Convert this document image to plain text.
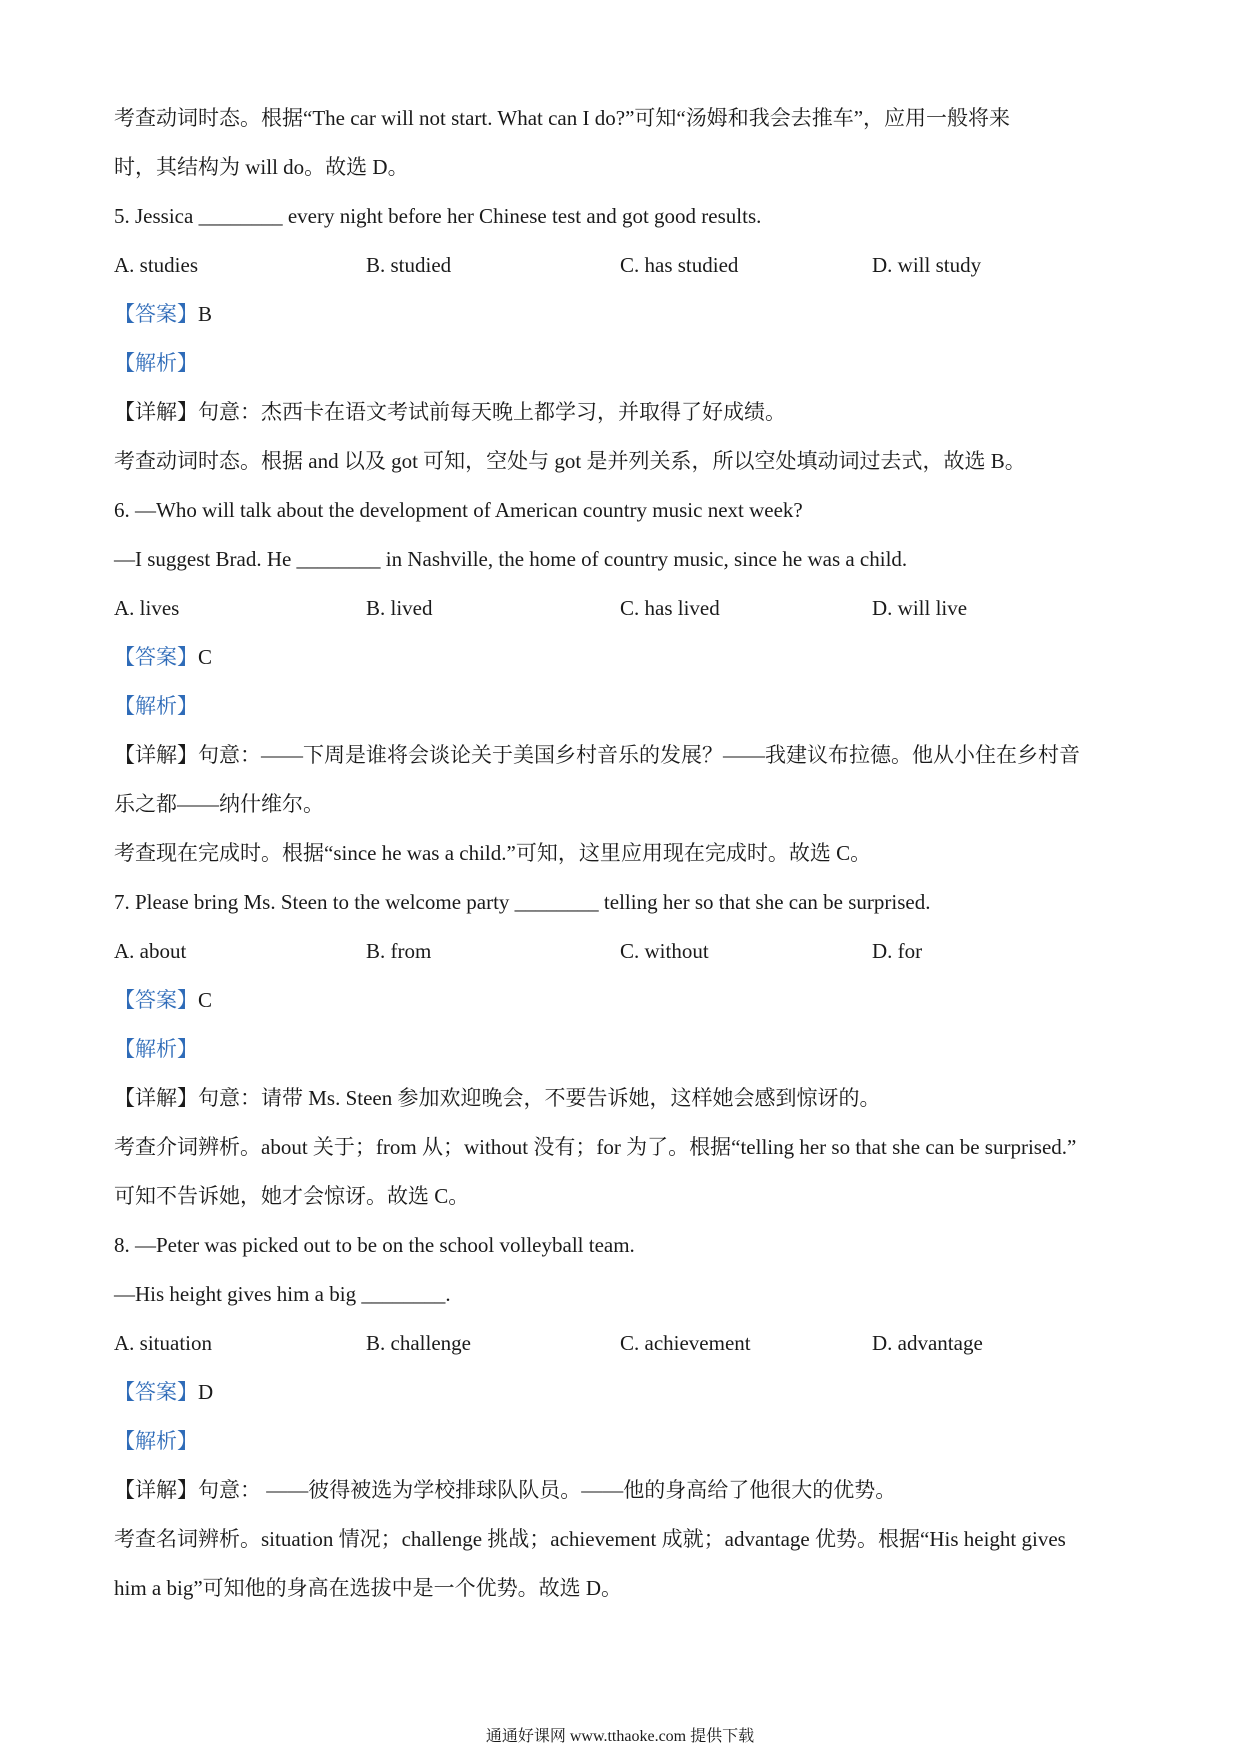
考查动词时态。根据“The car will not start. What can I do?”可知“汤姆和我会去推车”，应用一般将来
时，其结构为 will do。故选 D。
5. Jessica ________ every night before her Chinese test and got good results.
A. studies	B. studied	C. has studied	D. will study
【答案】B
【解析】
【详解】句意：杰西卡在语文考试前每天晚上都学习，并取得了好成绩。
考查动词时态。根据 and 以及 got 可知，空处与 got 是并列关系，所以空处填动词过去式，故选 B。
6. —Who will talk about the development of American country music next week?
—I suggest Brad. He ________ in Nashville, the home of country music, since he was a child.
A. lives	B. lived	C. has lived	D. will live
【答案】C
【解析】
【详解】句意：——下周是谁将会谈论关于美国乡村音乐的发展？——我建议布拉德。他从小住在乡村音
乐之都——纳什维尔。
考查现在完成时。根据“since he was a child.”可知，这里应用现在完成时。故选 C。
7. Please bring Ms. Steen to the welcome party ________ telling her so that she can be surprised.
A. about	B. from	C. without	D. for
【答案】C
【解析】
【详解】句意：请带 Ms. Steen 参加欢迎晚会，不要告诉她，这样她会感到惊讶的。
考查介词辨析。about 关于；from 从；without 没有；for 为了。根据“telling her so that she can be surprised.”
可知不告诉她，她才会惊讶。故选 C。
8. —Peter was picked out to be on the school volleyball team.
—His height gives him a big ________.
A. situation	B. challenge	C. achievement	D. advantage
【答案】D
【解析】
【详解】句意： ——彼得被选为学校排球队队员。——他的身高给了他很大的优势。
考查名词辨析。situation 情况；challenge 挑战；achievement 成就；advantage 优势。根据“His height gives
him a big”可知他的身高在选拔中是一个优势。故选 D。
通通好课网 www.tthaoke.com 提供下载
